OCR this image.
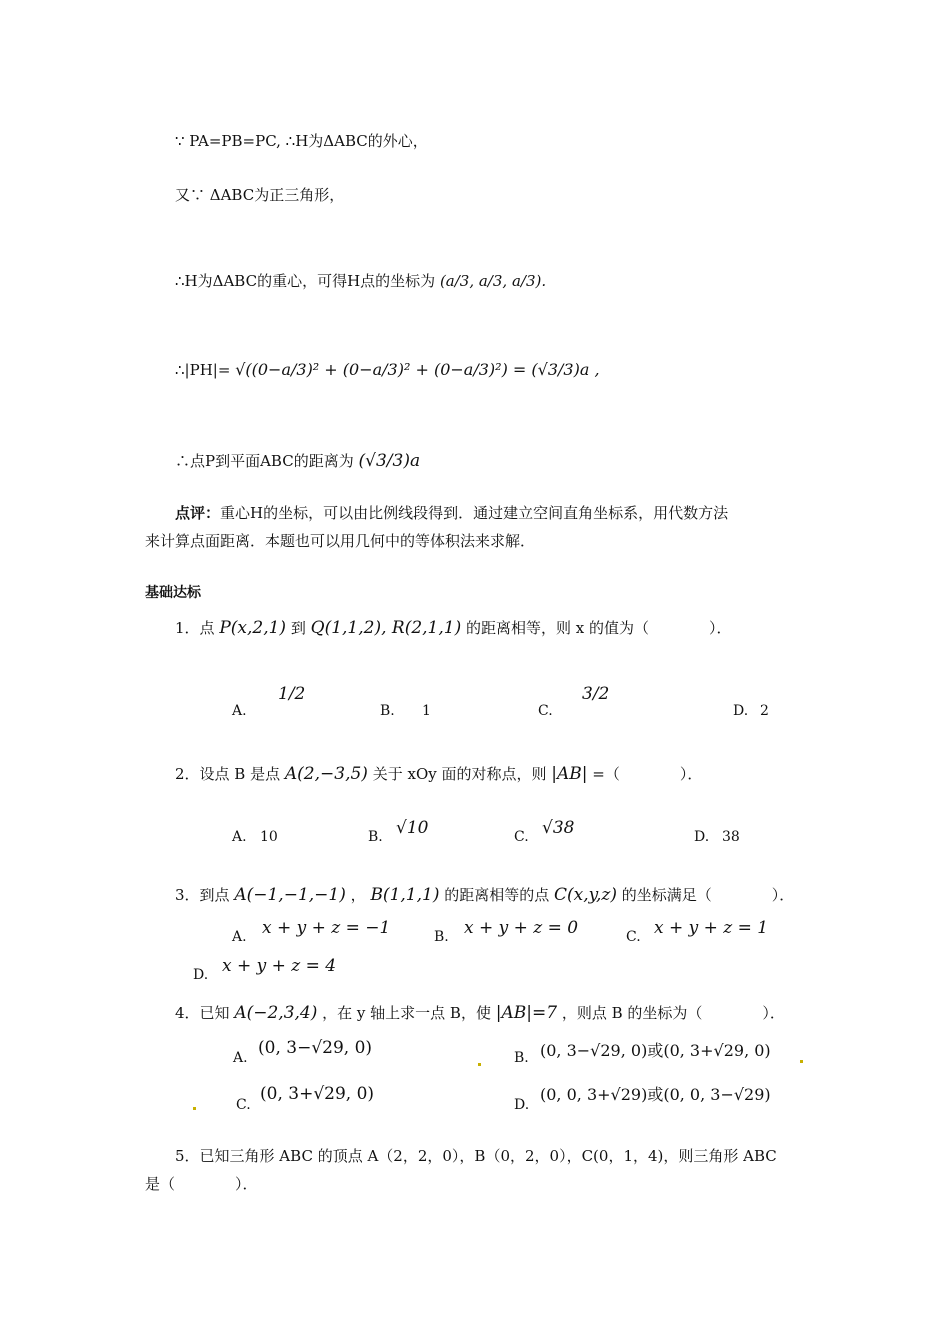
∵ PA=PB=PC, ∴H为ΔABC的外心，
又∵ ΔABC为正三角形，
∴H为ΔABC的重心，可得H点的坐标为 (a/3, a/3, a/3).
∴|PH|= √((0−a/3)² + (0−a/3)² + (0−a/3)²) = (√3/3)a ,
∴点P到平面ABC的距离为 (√3/3)a
点评：重心H的坐标，可以由比例线段得到．通过建立空间直角坐标系，用代数方法
来计算点面距离．本题也可以用几何中的等体积法来求解．
基础达标
1．点 P(x,2,1) 到 Q(1,1,2), R(2,1,1) 的距离相等，则 x 的值为（　　　　）．
A.
1/2
B. 1	C.
3/2
D. 2
2．设点 B 是点 A(2,−3,5) 关于 xOy 面的对称点，则 |AB| =（　　　　）．
A. 10	B. √10	C. √38	D. 38
3．到点 A(−1,−1,−1) ， B(1,1,1) 的距离相等的点 C(x,y,z) 的坐标满足（　　　　）．
A. x + y + z = −1	B. x + y + z = 0	C. x + y + z = 1
D. x + y + z = 4
4．已知 A(−2,3,4) ，在 y 轴上求一点 B，使 |AB|=7 ，则点 B 的坐标为（　　　　）．
A. (0, 3−√29, 0)	B. (0, 3−√29, 0)或(0, 3+√29, 0)
C.
(0, 3+√29, 0)
D.
(0, 0, 3+√29)或(0, 0, 3−√29)
5．已知三角形 ABC 的顶点 A（2，2，0），B（0，2，0），C(0，1，4)，则三角形 ABC
是（　　　　）．
